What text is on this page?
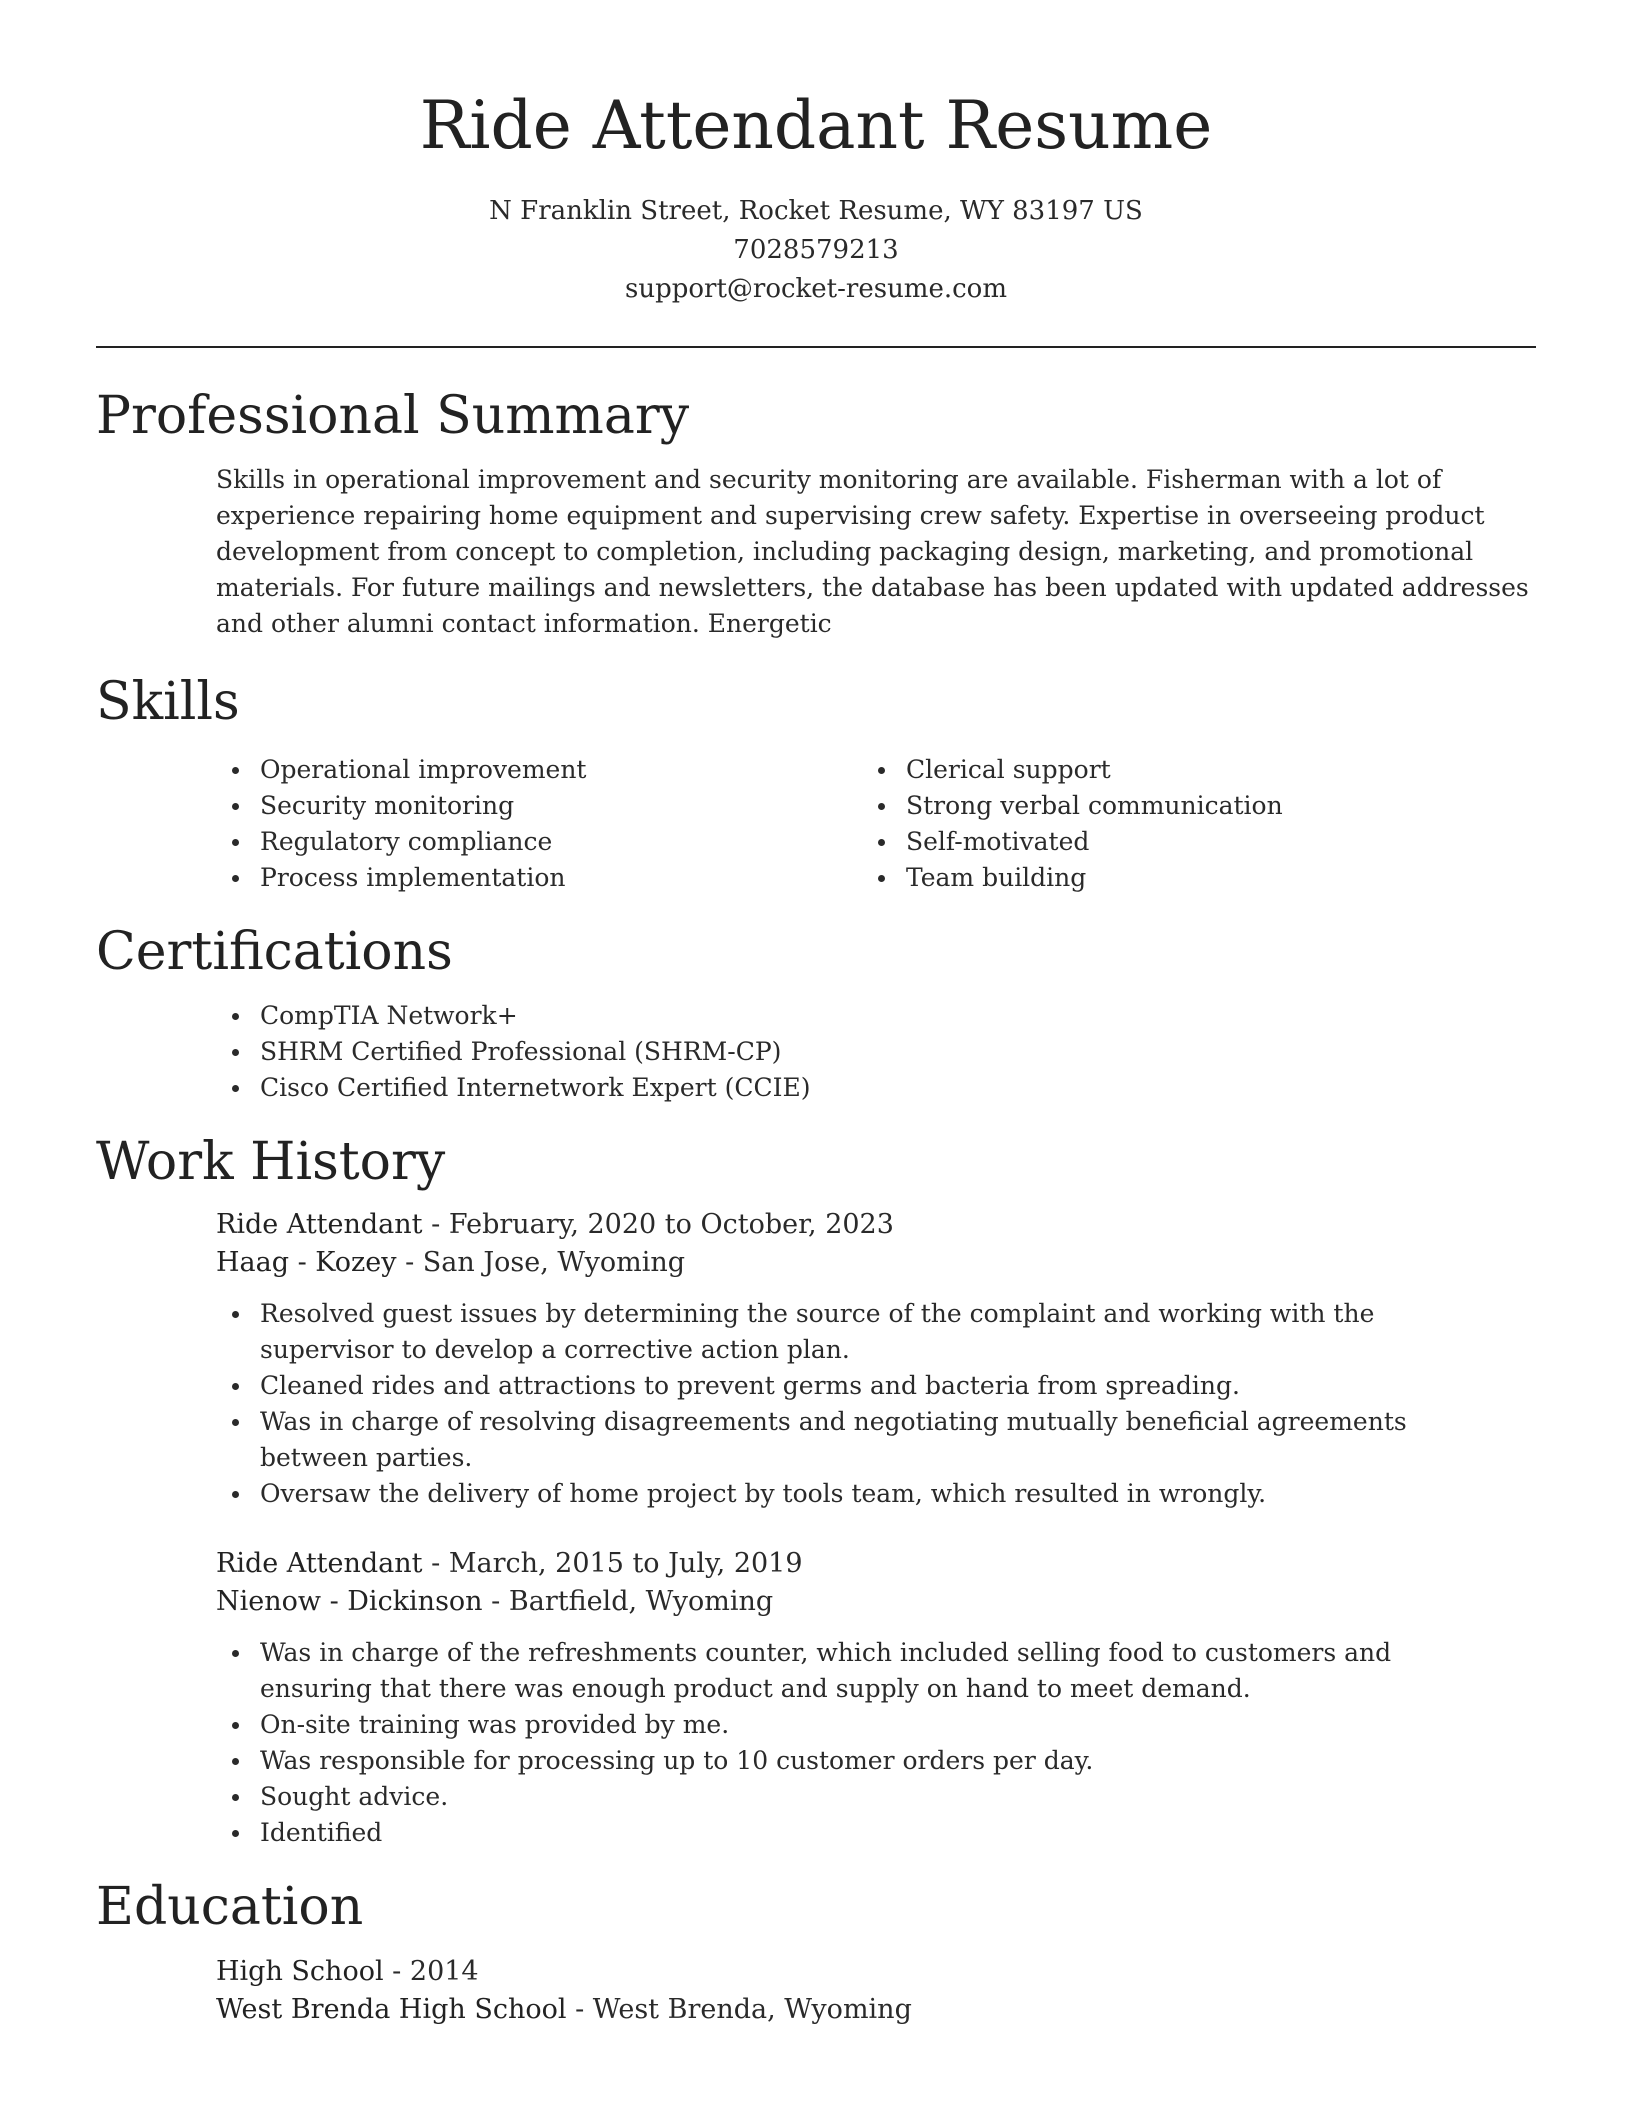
Ride Attendant Resume
N Franklin Street, Rocket Resume, WY 83197 US
7028579213
support@rocket-resume.com
Professional Summary
Skills in operational improvement and security monitoring are available. Fisherman with a lot of experience repairing home equipment and supervising crew safety. Expertise in overseeing product development from concept to completion, including packaging design, marketing, and promotional materials. For future mailings and newsletters, the database has been updated with updated addresses and other alumni contact information. Energetic
Skills
Operational improvement
Security monitoring
Regulatory compliance
Process implementation
Clerical support
Strong verbal communication
Self-motivated
Team building
Certifications
CompTIA Network+
SHRM Certified Professional (SHRM-CP)
Cisco Certified Internetwork Expert (CCIE)
Work History
Ride Attendant - February, 2020 to October, 2023
Haag - Kozey - San Jose, Wyoming
Resolved guest issues by determining the source of the complaint and working with the supervisor to develop a corrective action plan.
Cleaned rides and attractions to prevent germs and bacteria from spreading.
Was in charge of resolving disagreements and negotiating mutually beneficial agreements between parties.
Oversaw the delivery of home project by tools team, which resulted in wrongly.
Ride Attendant - March, 2015 to July, 2019
Nienow - Dickinson - Bartfield, Wyoming
Was in charge of the refreshments counter, which included selling food to customers and ensuring that there was enough product and supply on hand to meet demand.
On-site training was provided by me.
Was responsible for processing up to 10 customer orders per day.
Sought advice.
Identified
Education
High School - 2014
West Brenda High School - West Brenda, Wyoming
